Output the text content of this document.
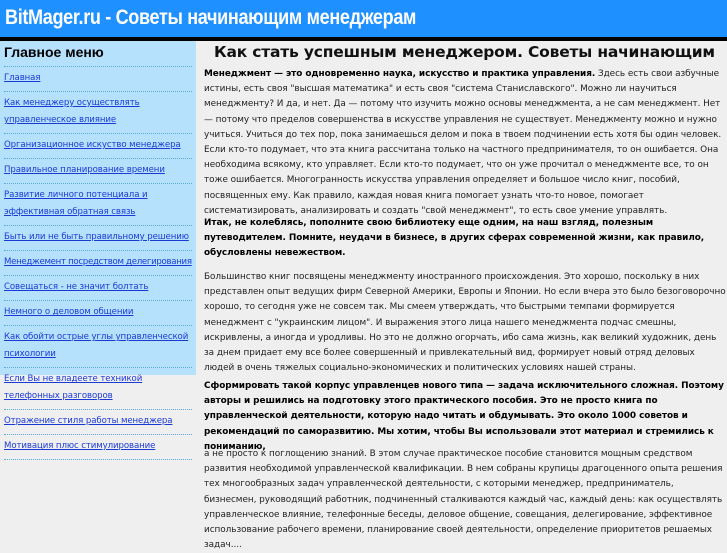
BitMager.ru - Советы начинающим менеджерам
Главное меню
Главная
Как менеджеру осуществлять управленческое влияние
Организационное искуство менеджера
Правильное планирование времени
Развитие личного потенциала и эффективная обратная связь
Быть или не быть правильному решению
Менеджемент посредством делегирования
Совещаться - не значит болтать
Немного о деловом общении
Как обойти острые углы управленческой психологии
Если Вы не владеете техникой телефонных разговоров
Отражение стиля работы менеджера
Мотивация плюс стимулирование
Как стать успешным менеджером. Советы начинающим

Менеджмент — это одновременно наука, искусство и практика управления. Здесь есть свои азбучные истины, есть своя "высшая математика" и есть своя "система Станиславского". Можно ли научиться менеджменту? И да, и нет. Да — потому что изучить можно основы менеджмента, а не сам менеджмент. Нет — потому что пределов совершенства в искусстве управления не существует. Менеджменту можно и нужно учиться. Учиться до тех пор, пока занимаешься делом и пока в твоем подчинении есть хотя бы один человек. Если кто-то подумает, что эта книга рассчитана только на частного предпринимателя, то он ошибается. Она необходима всякому, кто управляет. Если кто-то подумает, что он уже прочитал о менеджменте все, то он тоже ошибается. Многогранность искусства управления определяет и большое число книг, пособий, посвященных ему. Как правило, каждая новая книга помогает узнать что-то новое, помогает систематизировать, анализировать и создать "свой менеджмент", то есть свое умение управлять.

Итак, не колеблясь, пополните свою библиотеку еще одним, на наш взгляд, полезным путеводителем. Помните, неудачи в бизнесе, в других сферах современной жизни, как правило, обусловлены невежеством.

Большинство книг посвящены менеджменту иностранного происхождения. Это хорошо, поскольку в них представлен опыт ведущих фирм Северной Америки, Европы и Японии. Но если вчера это было безоговорочно хорошо, то сегодня уже не совсем так. Мы смеем утверждать, что быстрыми темпами формируется менеджмент с "украинским лицом". И выражения этого лица нашего менеджмента подчас смешны, искривлены, а иногда и уродливы. Но это не должно огорчать, ибо сама жизнь, как великий художник, день за днем придает ему все более совершенный и привлекательный вид, формирует новый отряд деловых людей в очень тяжелых социально-экономических и политических условиях нашей страны.

Сформировать такой корпус управленцев нового типа — задача исключительного сложная. Поэтому авторы и решились на подготовку этого практического пособия. Это не просто книга по управленческой деятельности, которую надо читать и обдумывать. Это около 1000 советов и рекомендаций по саморазвитию. Мы хотим, чтобы Вы использовали этот материал и стремились к пониманию,

а не просто к поглощению знаний. В этом случае практическое пособие становится мощным средством развития необходимой управленческой квалификации. В нем собраны крупицы драгоценного опыта решения тех многообразных задач управленческой деятельности, с которыми менеджер, предприниматель, бизнесмен, руководящий работник, подчиненный сталкиваются каждый час, каждый день: как осуществлять управленческое влияние, телефонные беседы, деловое общение, совещания, делегирование, эффективное использование рабочего времени, планирование своей деятельности, определение приоритетов решаемых задач....
